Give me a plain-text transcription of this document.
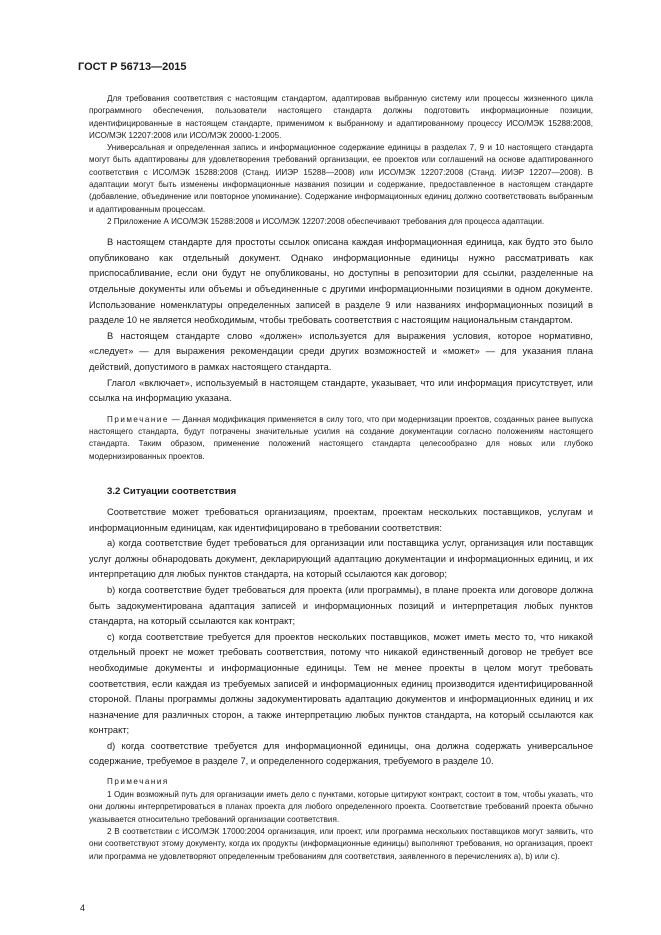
ГОСТ Р 56713—2015

Для требования соответствия с настоящим стандартом, адаптировав выбранную систему или процессы жизненного цикла программного обеспечения, пользователи настоящего стандарта должны подготовить информационные позиции, идентифицированные в настоящем стандарте, применимом к выбранному и адаптированному процессу ИСО/МЭК 15288:2008, ИСО/МЭК 12207:2008 или ИСО/МЭК 20000-1:2005.

Универсальная и определенная запись и информационное содержание единицы в разделах 7, 9 и 10 настоящего стандарта могут быть адаптированы для удовлетворения требований организации, ее проектов или соглашений на основе адаптированного соответствия с ИСО/МЭК 15288:2008 (Станд. ИИЭР 15288—2008) или ИСО/МЭК 12207:2008 (Станд. ИИЭР 12207—2008). В адаптации могут быть изменены информационные названия позиции и содержание, предоставленное в настоящем стандарте (добавление, объединение или повторное упоминание). Содержание информационных единиц должно соответствовать выбранным и адаптированным процессам.

2 Приложение А ИСО/МЭК 15288:2008 и ИСО/МЭК 12207:2008 обеспечивают требования для процесса адаптации.

В настоящем стандарте для простоты ссылок описана каждая информационная единица, как будто это было опубликовано как отдельный документ. Однако информационные единицы нужно рассматривать как приспосабливание, если они будут не опубликованы, но доступны в репозитории для ссылки, разделенные на отдельные документы или объемы и объединенные с другими информационными позициями в одном документе. Использование номенклатуры определенных записей в разделе 9 или названиях информационных позиций в разделе 10 не является необходимым, чтобы требовать соответствия с настоящим национальным стандартом.

В настоящем стандарте слово «должен» используется для выражения условия, которое нормативно, «следует» — для выражения рекомендации среди других возможностей и «может» — для указания плана действий, допустимого в рамках настоящего стандарта.

Глагол «включает», используемый в настоящем стандарте, указывает, что или информация присутствует, или ссылка на информацию указана.

Примечание — Данная модификация применяется в силу того, что при модернизации проектов, созданных ранее выпуска настоящего стандарта, будут потрачены значительные усилия на создание документации согласно положениям настоящего стандарта. Таким образом, применение положений настоящего стандарта целесообразно для новых или глубоко модернизированных проектов.

3.2 Ситуации соответствия

Соответствие может требоваться организациям, проектам, проектам нескольких поставщиков, услугам и информационным единицам, как идентифицировано в требовании соответствия:

а) когда соответствие будет требоваться для организации или поставщика услуг, организация или поставщик услуг должны обнародовать документ, декларирующий адаптацию документации и информационных единиц, и их интерпретацию для любых пунктов стандарта, на который ссылаются как договор;

b) когда соответствие будет требоваться для проекта (или программы), в плане проекта или договоре должна быть задокументирована адаптация записей и информационных позиций и интерпретация любых пунктов стандарта, на который ссылаются как контракт;

c) когда соответствие требуется для проектов нескольких поставщиков, может иметь место то, что никакой отдельный проект не может требовать соответствия, потому что никакой единственный договор не требует все необходимые документы и информационные единицы. Тем не менее проекты в целом могут требовать соответствия, если каждая из требуемых записей и информационных единиц производится идентифицированной стороной. Планы программы должны задокументировать адаптацию документов и информационных единиц и их назначение для различных сторон, а также интерпретацию любых пунктов стандарта, на который ссылаются как контракт;

d) когда соответствие требуется для информационной единицы, она должна содержать универсальное содержание, требуемое в разделе 7, и определенного содержания, требуемого в разделе 10.

Примечания

1 Один возможный путь для организации иметь дело с пунктами, которые цитируют контракт, состоит в том, чтобы указать, что они должны интерпретироваться в планах проекта для любого определенного проекта. Соответствие требований проекта обычно указывается относительно требований организации соответствия.

2 В соответствии с ИСО/МЭК 17000:2004 организация, или проект, или программа нескольких поставщиков могут заявить, что они соответствуют этому документу, когда их продукты (информационные единицы) выполняют требования, но организация, проект или программа не удовлетворяют определенным требованиям для соответствия, заявленного в перечислениях а), b) или с).

4
